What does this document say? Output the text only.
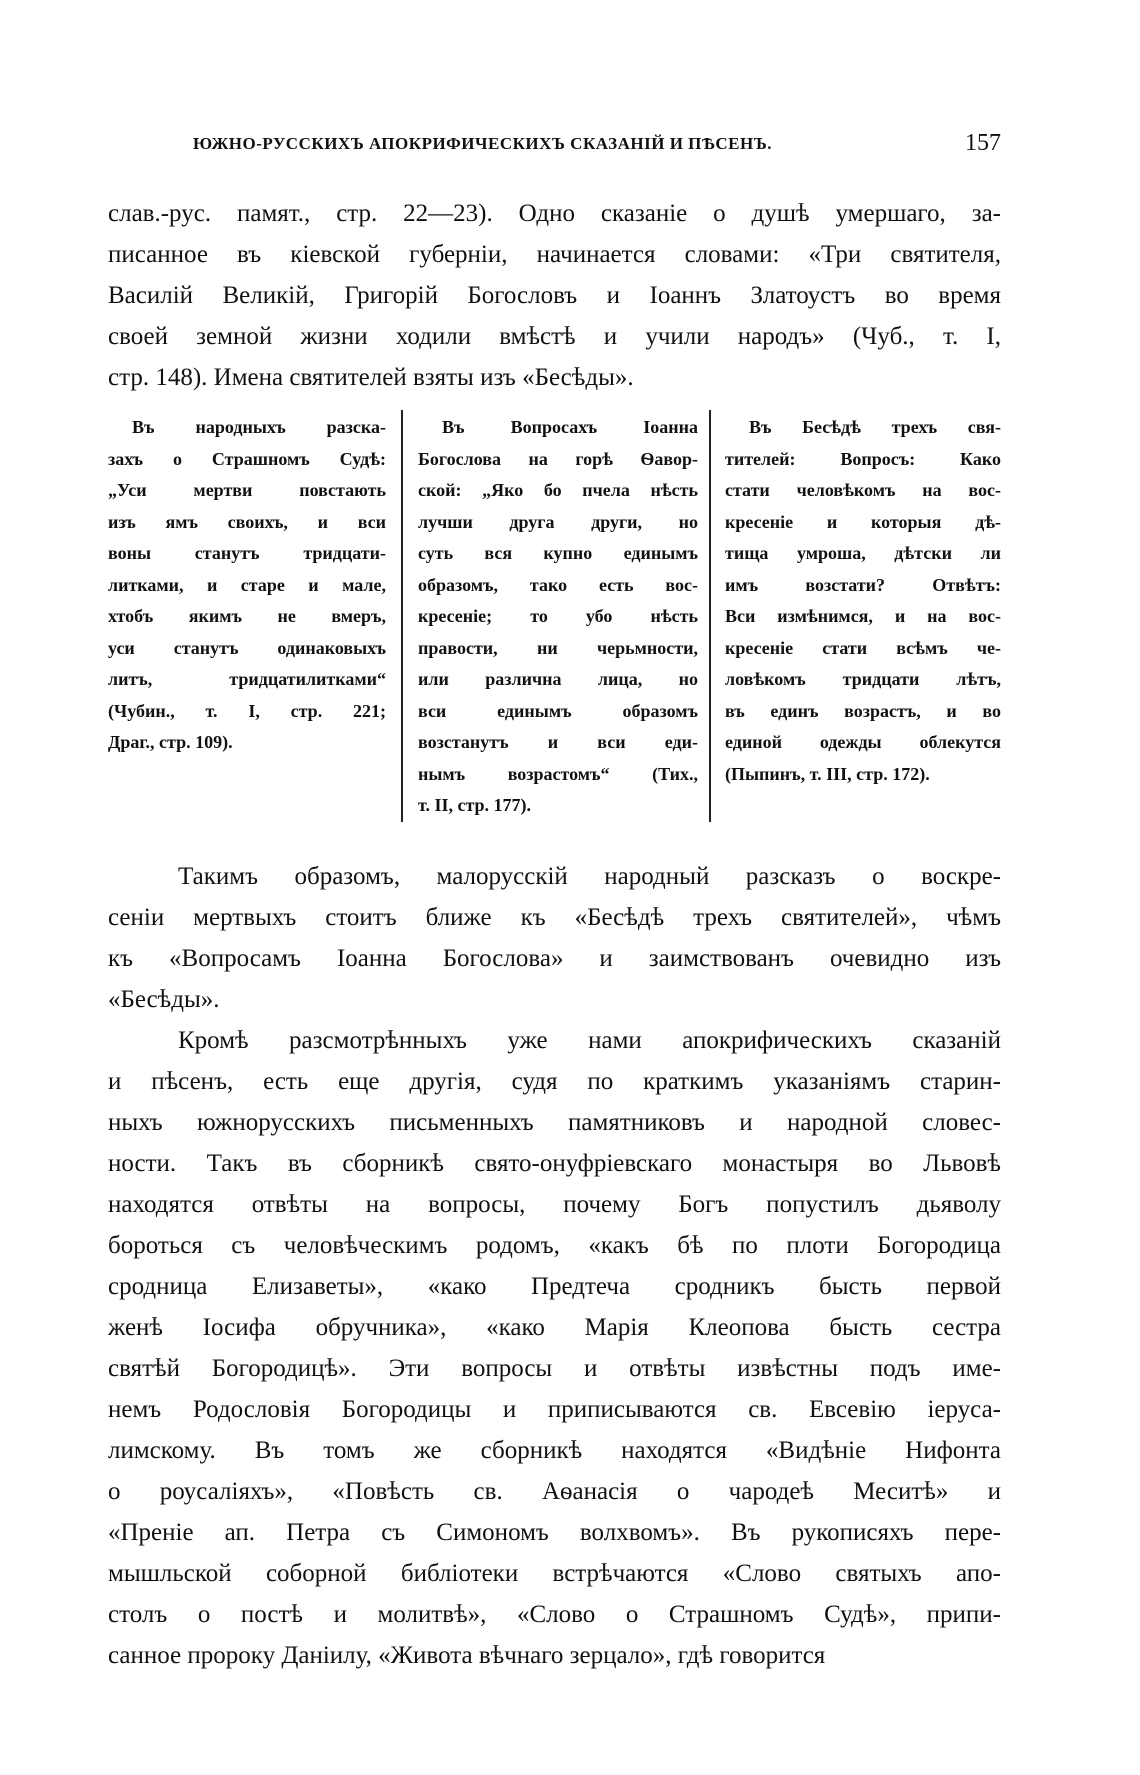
ЮЖНО-РУССКИХЪ АПОКРИФИЧЕСКИХЪ СКАЗАНІЙ И ПѢСЕНЪ.	157
слав.-рус. памят., стр. 22—23). Одно сказаніе о душѣ умершаго, за-
писанное въ кіевской губерніи, начинается словами: «Три святителя,
Василій Великій, Григорій Богословъ и Іоаннъ Златоустъ во время
своей земной жизни ходили вмѣстѣ и учили народъ» (Чуб., т. I,
стр. 148). Имена святителей взяты изъ «Бесѣды».
Въ народныхъ разска-
захъ о Страшномъ Судѣ:
„Уси мертви повстають
изъ ямъ своихъ, и вси
воны станутъ тридцати-
литками, и старе и мале,
хтобъ якимъ не вмеръ,
уси станутъ одинаковыхъ
литъ, тридцатилитками“
(Чубин., т. I, стр. 221;
Драг., стр. 109).
Въ Вопросахъ Іоанна
Богослова на горѣ Ѳавор-
ской: „Яко бо пчела нѣсть
лучши друга други, но
суть вся купно единымъ
образомъ, тако есть вос-
кресеніе; то убо нѣсть
правости, ни черьмности,
или различна лица, но
вси единымъ образомъ
возстанутъ и вси еди-
нымъ возрастомъ“ (Тих.,
т. II, стр. 177).
Въ Бесѣдѣ трехъ свя-
тителей: Вопросъ: Како
стати человѣкомъ на вос-
кресеніе и которыя дѣ-
тища умроша, дѣтски ли
имъ возстати? Отвѣтъ:
Вси измѣнимся, и на вос-
кресеніе стати всѣмъ че-
ловѣкомъ тридцати лѣтъ,
въ единъ возрастъ, и во
единой одежды облекутся
(Пыпинъ, т. III, стр. 172).
Такимъ образомъ, малорусскій народный разсказъ о воскре-
сеніи мертвыхъ стоитъ ближе къ «Бесѣдѣ трехъ святителей», чѣмъ
къ «Вопросамъ Іоанна Богослова» и заимствованъ очевидно изъ
«Бесѣды».
Кромѣ разсмотрѣнныхъ уже нами апокрифическихъ сказаній
и пѣсенъ, есть еще другія, судя по краткимъ указаніямъ старин-
ныхъ южнорусскихъ письменныхъ памятниковъ и народной словес-
ности. Такъ въ сборникѣ свято-онуфріевскаго монастыря во Львовѣ
находятся отвѣты на вопросы, почему Богъ попустилъ дьяволу
бороться съ человѣческимъ родомъ, «какъ бѣ по плоти Богородица
сродница Елизаветы», «како Предтеча сродникъ бысть первой
женѣ Іосифа обручника», «како Марія Клеопова бысть сестра
святѣй Богородицѣ». Эти вопросы и отвѣты извѣстны подъ име-
немъ Родословія Богородицы и приписываются св. Евсевію іеруса-
лимскому. Въ томъ же сборникѣ находятся «Видѣніе Нифонта
о роусаліяхъ», «Повѣсть св. Аѳанасія о чародеѣ Меситѣ» и
«Преніе ап. Петра съ Симономъ волхвомъ». Въ рукописяхъ пере-
мышльской соборной библіотеки встрѣчаются «Слово святыхъ апо-
столъ о постѣ и молитвѣ», «Слово о Страшномъ Судѣ», припи-
санное пророку Даніилу, «Живота вѣчнаго зерцало», гдѣ говорится
